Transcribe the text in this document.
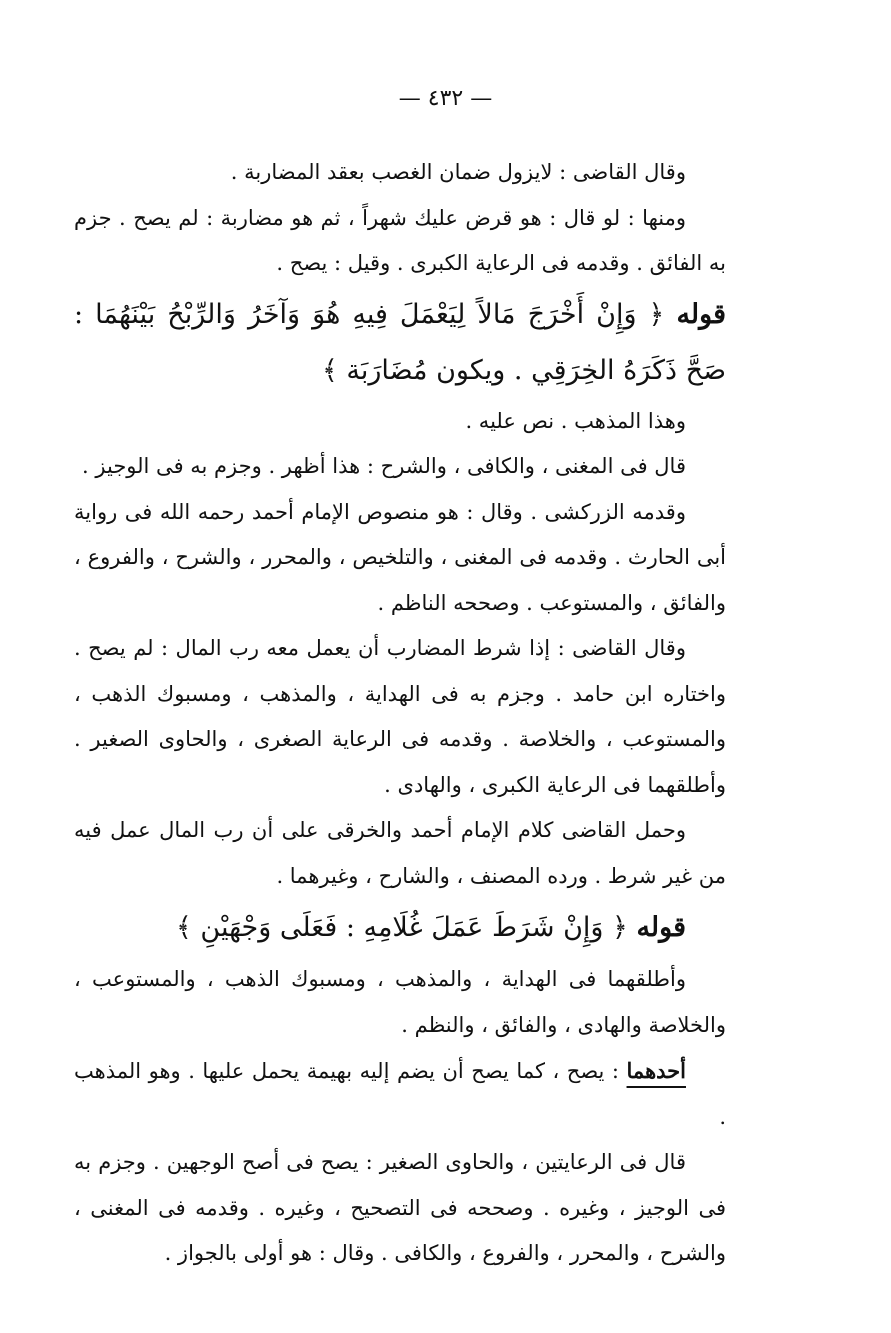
— ٤٣٢ —

وقال القاضى : لايزول ضمان الغصب بعقد المضاربة .

ومنها : لو قال : هو قرض عليك شهراً ، ثم هو مضاربة : لم يصح . جزم به الفائق . وقدمه فى الرعاية الكبرى . وقيل : يصح .

قوله ﴿ وَإِنْ أَخْرَجَ مَالاً لِيَعْمَلَ فِيهِ هُوَ وَآخَرُ وَالرِّبْحُ بَيْنَهُمَا : صَحَّ ذَكَرَهُ الخِرَقِي . ويكون مُضَارَبَة ﴾

وهذا المذهب . نص عليه .

قال فى المغنى ، والكافى ، والشرح : هذا أظهر . وجزم به فى الوجيز .

وقدمه الزركشى . وقال : هو منصوص الإمام أحمد رحمه الله فى رواية أبى الحارث . وقدمه فى المغنى ، والتلخيص ، والمحرر ، والشرح ، والفروع ، والفائق ، والمستوعب . وصححه الناظم .

وقال القاضى : إذا شرط المضارب أن يعمل معه رب المال : لم يصح . واختاره ابن حامد . وجزم به فى الهداية ، والمذهب ، ومسبوك الذهب ، والمستوعب ، والخلاصة . وقدمه فى الرعاية الصغرى ، والحاوى الصغير . وأطلقهما فى الرعاية الكبرى ، والهادى .

وحمل القاضى كلام الإمام أحمد والخرقى على أن رب المال عمل فيه من غير شرط . ورده المصنف ، والشارح ، وغيرهما .

قوله ﴿ وَإِنْ شَرَطَ عَمَلَ غُلَامِهِ : فَعَلَى وَجْهَيْنِ ﴾

وأطلقهما فى الهداية ، والمذهب ، ومسبوك الذهب ، والمستوعب ، والخلاصة والهادى ، والفائق ، والنظم .

أحدهما : يصح ، كما يصح أن يضم إليه بهيمة يحمل عليها . وهو المذهب .

قال فى الرعايتين ، والحاوى الصغير : يصح فى أصح الوجهين . وجزم به فى الوجيز ، وغيره . وصححه فى التصحيح ، وغيره . وقدمه فى المغنى ، والشرح ، والمحرر ، والفروع ، والكافى . وقال : هو أولى بالجواز .
